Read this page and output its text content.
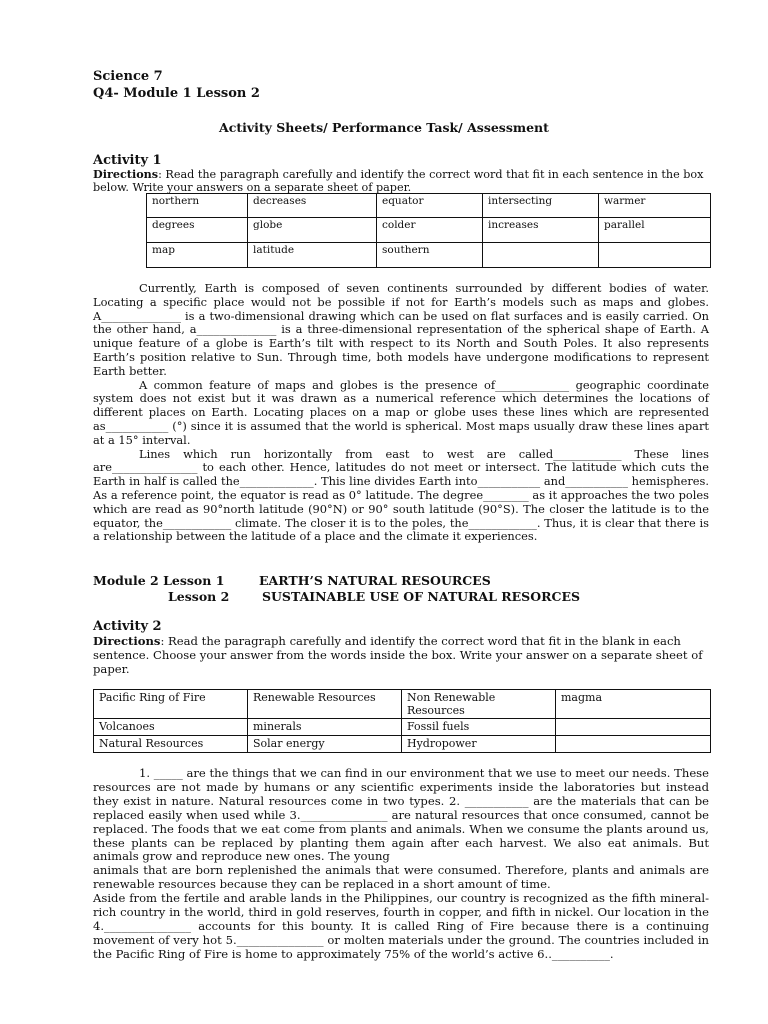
Science 7
Q4- Module 1 Lesson 2
Activity Sheets/ Performance Task/ Assessment
Activity 1
Directions: Read the paragraph carefully and identify the correct word that fit in each sentence in the box below. Write your answers on a separate sheet of paper.
northern	decreases	equator	intersecting	warmer
degrees	globe	colder	increases	parallel
map	latitude	southern		

Currently, Earth is composed of seven continents surrounded by different bodies of water. Locating a specific place would not be possible if not for Earth’s models such as maps and globes. A______________ is a two-dimensional drawing which can be used on flat surfaces and is easily carried. On the other hand, a______________ is a three-dimensional representation of the spherical shape of Earth. A unique feature of a globe is Earth’s tilt with respect to its North and South Poles. It also represents Earth’s position relative to Sun. Through time, both models have undergone modifications to represent Earth better.

A common feature of maps and globes is the presence of_____________ geographic coordinate system does not exist but it was drawn as a numerical reference which determines the locations of different places on Earth. Locating places on a map or globe uses these lines which are represented as___________ (°) since it is assumed that the world is spherical. Most maps usually draw these lines apart at a 15° interval.

Lines which run horizontally from east to west are called____________ These lines are_______________ to each other. Hence, latitudes do not meet or intersect. The latitude which cuts the Earth in half is called the_____________. This line divides Earth into___________ and___________ hemispheres. As a reference point, the equator is read as 0° latitude. The degree________ as it approaches the two poles which are read as 90°north latitude (90°N) or 90° south latitude (90°S). The closer the latitude is to the equator, the____________ climate. The closer it is to the poles, the____________. Thus, it is clear that there is a relationship between the latitude of a place and the climate it experiences.

Module 2 Lesson 1	EARTH’S NATURAL RESOURCES
Lesson 2	SUSTAINABLE USE OF NATURAL RESORCES
Activity 2
Directions: Read the paragraph carefully and identify the correct word that fit in the blank in each sentence. Choose your answer from the words inside the box. Write your answer on a separate sheet of paper.
Pacific Ring of Fire	Renewable Resources	Non Renewable Resources	magma
Volcanoes	minerals	Fossil fuels	
Natural Resources	Solar energy	Hydropower	

1. _____ are the things that we can find in our environment that we use to meet our needs. These resources are not made by humans or any scientific experiments inside the laboratories but instead they exist in nature. Natural resources come in two types. 2. ___________ are the materials that can be replaced easily when used while 3._______________ are natural resources that once consumed, cannot be replaced. The foods that we eat come from plants and animals. When we consume the plants around us, these plants can be replaced by planting them again after each harvest. We also eat animals. But animals grow and reproduce new ones. The young

animals that are born replenished the animals that were consumed. Therefore, plants and animals are renewable resources because they can be replaced in a short amount of time.

Aside from the fertile and arable lands in the Philippines, our country is recognized as the fifth mineral-rich country in the world, third in gold reserves, fourth in copper, and fifth in nickel. Our location in the 4._______________ accounts for this bounty. It is called Ring of Fire because there is a continuing movement of very hot 5._______________ or molten materials under the ground. The countries included in the Pacific Ring of Fire is home to approximately 75% of the world’s active 6..__________.
